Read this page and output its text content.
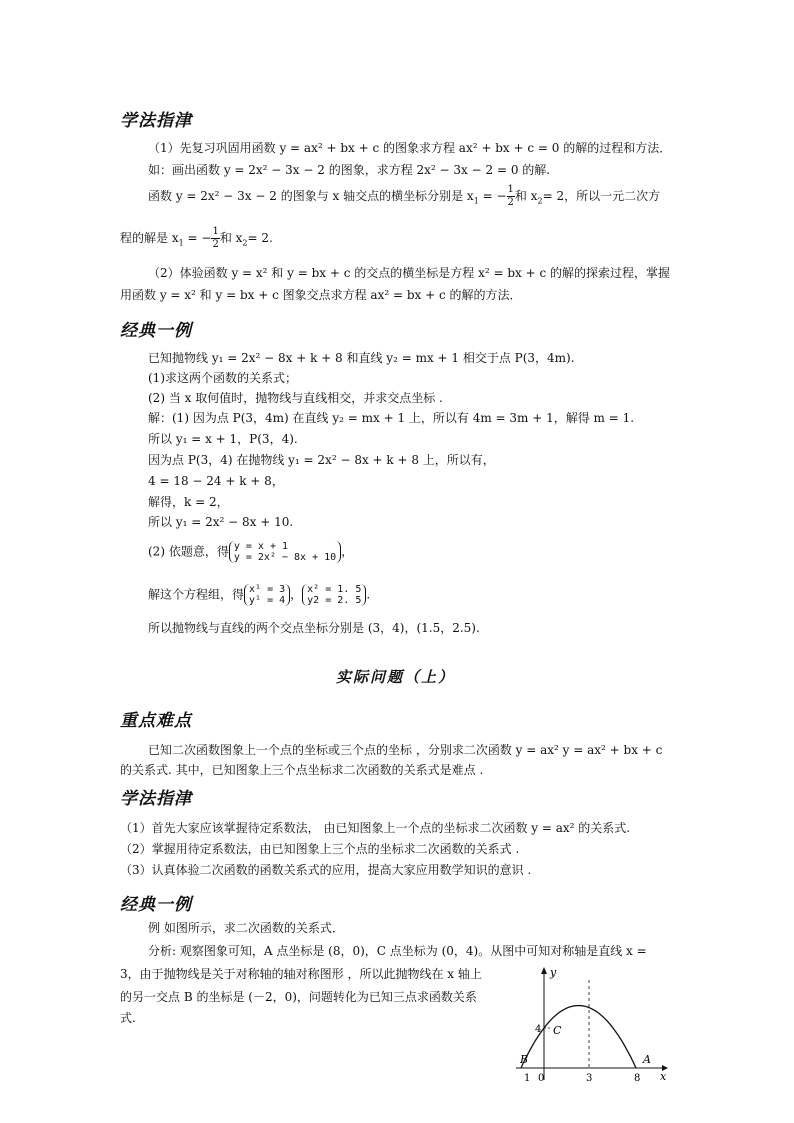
学法指津
（1）先复习巩固用函数 y = ax² + bx + c 的图象求方程 ax² + bx + c = 0 的解的过程和方法．
如：画出函数 y = 2x² − 3x − 2 的图象，求方程 2x² − 3x − 2 = 0 的解.
函数 y = 2x² − 3x − 2 的图象与 x 轴交点的横坐标分别是 $x_1$ = − $\frac{1}{2}$ 和 $x_2= 2$，所以一元二次方
程的解是 $x_1$ = − $\frac{1}{2}$ 和 $x_2= 2$.
（2）体验函数 y = x² 和 y = bx + c 的交点的横坐标是方程 x² = bx + c 的解的探索过程，掌握
用函数 y = x² 和 y = bx + c 图象交点求方程 ax² = bx + c 的解的方法．
经典一例
已知抛物线 y₁ = 2x² − 8x + k + 8 和直线 y₂ = mx + 1 相交于点 P(3，4m).
(1)求这两个函数的关系式；
(2) 当 x 取何值时，抛物线与直线相交，并求交点坐标 .
解：(1) 因为点 P(3，4m) 在直线 y₂ = mx + 1 上，所以有 4m = 3m + 1，解得 m = 1.
所以 y₁ = x + 1，P(3，4).
因为点 P(3，4) 在抛物线 y₁ = 2x² − 8x + k + 8 上，所以有，
4 = 18 − 24 + k + 8，
解得，k = 2，
所以 y₁ = 2x² − 8x + 10.
(2) 依题意，得 y = x + 1
y = 2x² − 8x + 10 ，
解这个方程组，得 x¹ = 3
y¹ = 4 ， x² = 1. 5
y2 = 2. 5 .
所以抛物线与直线的两个交点坐标分别是 (3，4)，(1.5，2.5).
实际问题（上）
重点难点
已知二次函数图象上一个点的坐标或三个点的坐标 ，分别求二次函数 y = ax² y = ax² + bx + c
的关系式. 其中，已知图象上三个点坐标求二次函数的关系式是难点 .
学法指津
（1）首先大家应该掌握待定系数法， 由已知图象上一个点的坐标求二次函数 y = ax² 的关系式.
（2）掌握用待定系数法，由已知图象上三个点的坐标求二次函数的关系式 .
（3）认真体验二次函数的函数关系式的应用，提高大家应用数学知识的意识 .
经典一例
例 如图所示，求二次函数的关系式．
分析: 观察图象可知，A 点坐标是 (8，0)，C 点坐标为 (0，4)。从图中可知对称轴是直线 x =
3，由于抛物线是关于对称轴的轴对称图形 ，所以此抛物线在 x 轴上
的另一交点 B 的坐标是 (－2，0)，问题转化为已知三点求函数关系
式.
y
x
B
C
A
4
3	8
0
1
